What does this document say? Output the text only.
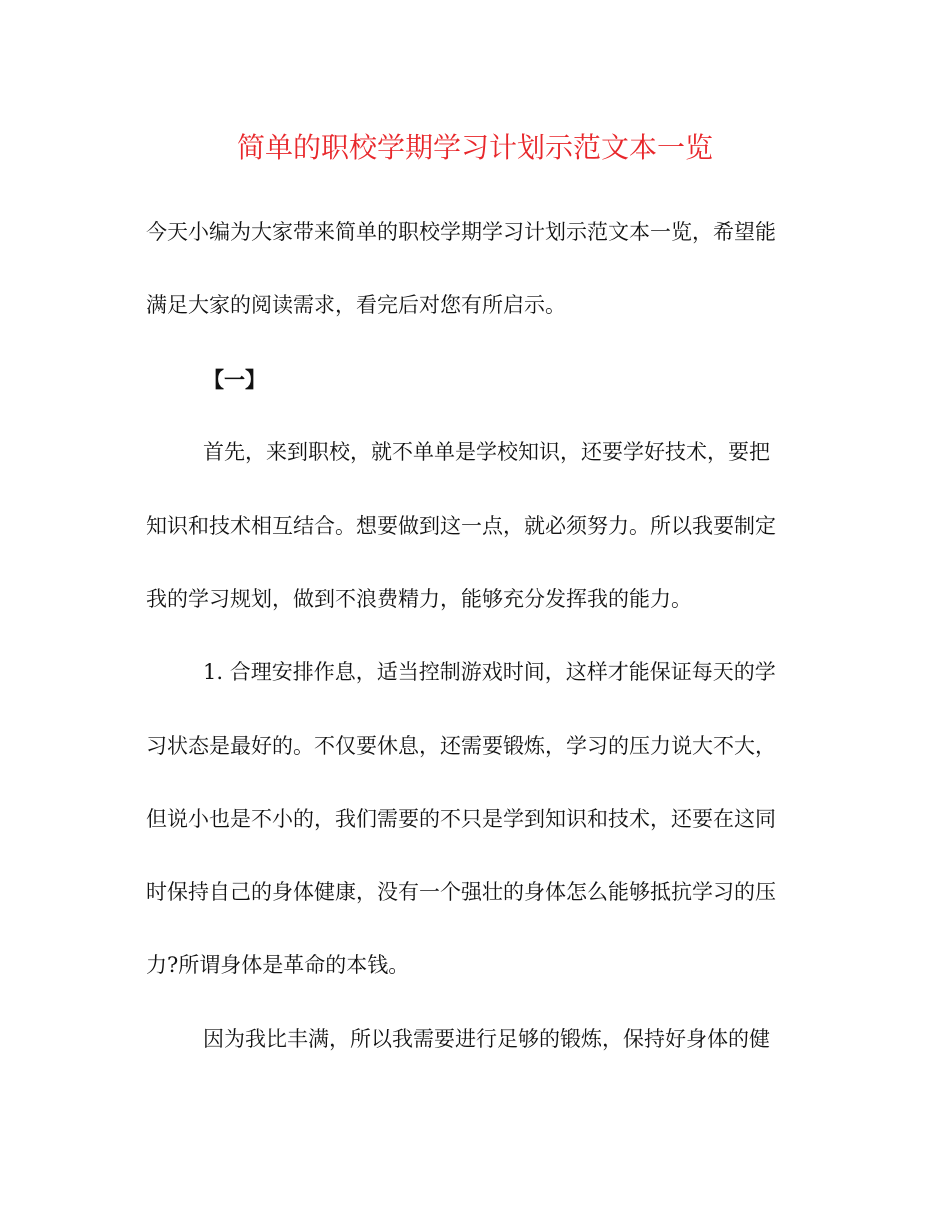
简单的职校学期学习计划示范文本一览
今天小编为大家带来简单的职校学期学习计划示范文本一览，希望能
满足大家的阅读需求，看完后对您有所启示。
【一】
首先，来到职校，就不单单是学校知识，还要学好技术，要把
知识和技术相互结合。想要做到这一点，就必须努力。所以我要制定
我的学习规划，做到不浪费精力，能够充分发挥我的能力。
1. 合理安排作息，适当控制游戏时间，这样才能保证每天的学
习状态是最好的。不仅要休息，还需要锻炼，学习的压力说大不大，
但说小也是不小的，我们需要的不只是学到知识和技术，还要在这同
时保持自己的身体健康，没有一个强壮的身体怎么能够抵抗学习的压
力?所谓身体是革命的本钱。
因为我比丰满，所以我需要进行足够的锻炼，保持好身体的健
